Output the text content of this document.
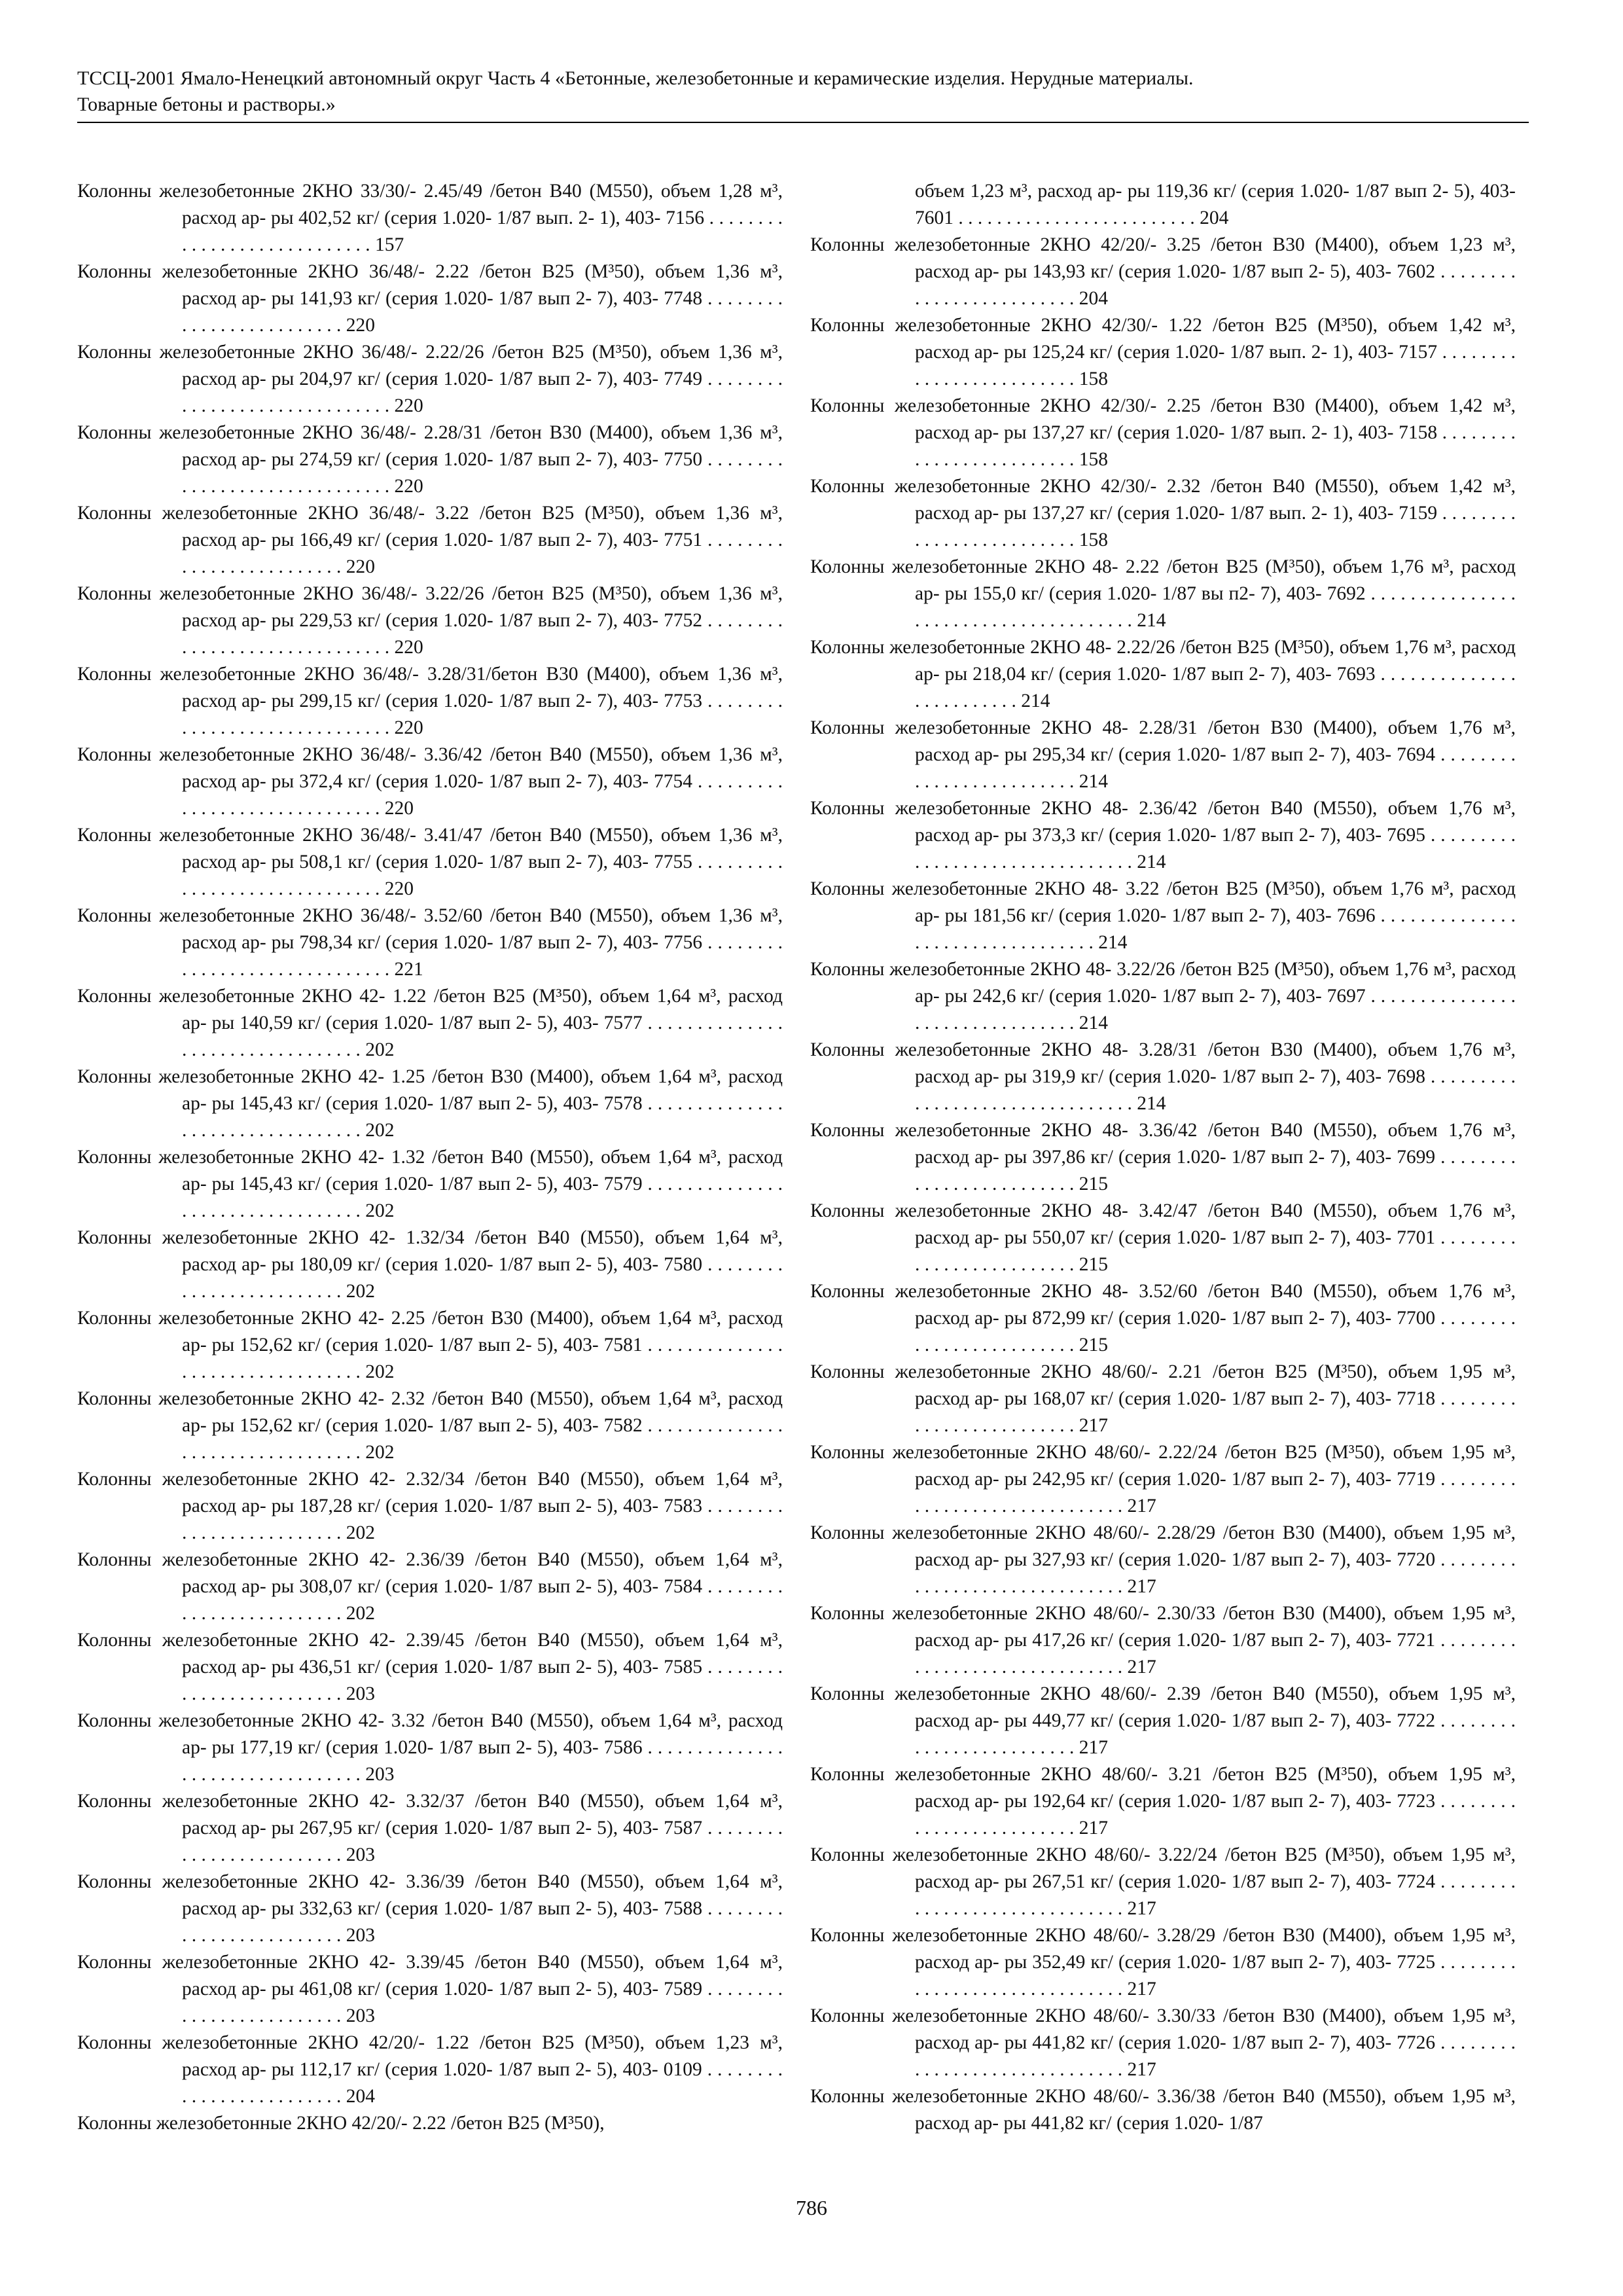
ТССЦ-2001 Ямало-Ненецкий автономный округ Часть 4 «Бетонные, железобетонные и керамические изделия. Нерудные материалы.
Товарные бетоны и растворы.»

Колонны железобетонные 2КНО 33/30/- 2.45/49 /бетон В40 (М550), объем 1,28 м³, расход ар- ры 402,52 кг/ (серия 1.020- 1/87 вып. 2- 1), 403- 7156 . . . . . . . . . . . . . . . . . . . . . . . . . . . . 157

Колонны железобетонные 2КНО 36/48/- 2.22 /бетон В25 (М³50), объем 1,36 м³, расход ар- ры 141,93 кг/ (серия 1.020- 1/87 вып 2- 7), 403- 7748 . . . . . . . . . . . . . . . . . . . . . . . . . 220

Колонны железобетонные 2КНО 36/48/- 2.22/26 /бетон В25 (М³50), объем 1,36 м³, расход ар- ры 204,97 кг/ (серия 1.020- 1/87 вып 2- 7), 403- 7749 . . . . . . . . . . . . . . . . . . . . . . . . . . . . . . 220

Колонны железобетонные 2КНО 36/48/- 2.28/31 /бетон В30 (М400), объем 1,36 м³, расход ар- ры 274,59 кг/ (серия 1.020- 1/87 вып 2- 7), 403- 7750 . . . . . . . . . . . . . . . . . . . . . . . . . . . . . . 220

Колонны железобетонные 2КНО 36/48/- 3.22 /бетон В25 (М³50), объем 1,36 м³, расход ар- ры 166,49 кг/ (серия 1.020- 1/87 вып 2- 7), 403- 7751 . . . . . . . . . . . . . . . . . . . . . . . . . 220

Колонны железобетонные 2КНО 36/48/- 3.22/26 /бетон В25 (М³50), объем 1,36 м³, расход ар- ры 229,53 кг/ (серия 1.020- 1/87 вып 2- 7), 403- 7752 . . . . . . . . . . . . . . . . . . . . . . . . . . . . . . 220

Колонны железобетонные 2КНО 36/48/- 3.28/31/бетон В30 (М400), объем 1,36 м³, расход ар- ры 299,15 кг/ (серия 1.020- 1/87 вып 2- 7), 403- 7753 . . . . . . . . . . . . . . . . . . . . . . . . . . . . . . 220

Колонны железобетонные 2КНО 36/48/- 3.36/42 /бетон В40 (М550), объем 1,36 м³, расход ар- ры 372,4 кг/ (серия 1.020- 1/87 вып 2- 7), 403- 7754 . . . . . . . . . . . . . . . . . . . . . . . . . . . . . . 220

Колонны железобетонные 2КНО 36/48/- 3.41/47 /бетон В40 (М550), объем 1,36 м³, расход ар- ры 508,1 кг/ (серия 1.020- 1/87 вып 2- 7), 403- 7755 . . . . . . . . . . . . . . . . . . . . . . . . . . . . . . 220

Колонны железобетонные 2КНО 36/48/- 3.52/60 /бетон В40 (М550), объем 1,36 м³, расход ар- ры 798,34 кг/ (серия 1.020- 1/87 вып 2- 7), 403- 7756 . . . . . . . . . . . . . . . . . . . . . . . . . . . . . . 221

Колонны железобетонные 2КНО 42- 1.22 /бетон В25 (М³50), объем 1,64 м³, расход ар- ры 140,59 кг/ (серия 1.020- 1/87 вып 2- 5), 403- 7577 . . . . . . . . . . . . . . . . . . . . . . . . . . . . . . . . . 202

Колонны железобетонные 2КНО 42- 1.25 /бетон В30 (М400), объем 1,64 м³, расход ар- ры 145,43 кг/ (серия 1.020- 1/87 вып 2- 5), 403- 7578 . . . . . . . . . . . . . . . . . . . . . . . . . . . . . . . . . 202

Колонны железобетонные 2КНО 42- 1.32 /бетон В40 (М550), объем 1,64 м³, расход ар- ры 145,43 кг/ (серия 1.020- 1/87 вып 2- 5), 403- 7579 . . . . . . . . . . . . . . . . . . . . . . . . . . . . . . . . . 202

Колонны железобетонные 2КНО 42- 1.32/34 /бетон В40 (М550), объем 1,64 м³, расход ар- ры 180,09 кг/ (серия 1.020- 1/87 вып 2- 5), 403- 7580 . . . . . . . . . . . . . . . . . . . . . . . . . 202

Колонны железобетонные 2КНО 42- 2.25 /бетон В30 (М400), объем 1,64 м³, расход ар- ры 152,62 кг/ (серия 1.020- 1/87 вып 2- 5), 403- 7581 . . . . . . . . . . . . . . . . . . . . . . . . . . . . . . . . . 202

Колонны железобетонные 2КНО 42- 2.32 /бетон В40 (М550), объем 1,64 м³, расход ар- ры 152,62 кг/ (серия 1.020- 1/87 вып 2- 5), 403- 7582 . . . . . . . . . . . . . . . . . . . . . . . . . . . . . . . . . 202

Колонны железобетонные 2КНО 42- 2.32/34 /бетон В40 (М550), объем 1,64 м³, расход ар- ры 187,28 кг/ (серия 1.020- 1/87 вып 2- 5), 403- 7583 . . . . . . . . . . . . . . . . . . . . . . . . . 202

Колонны железобетонные 2КНО 42- 2.36/39 /бетон В40 (М550), объем 1,64 м³, расход ар- ры 308,07 кг/ (серия 1.020- 1/87 вып 2- 5), 403- 7584 . . . . . . . . . . . . . . . . . . . . . . . . . 202

Колонны железобетонные 2КНО 42- 2.39/45 /бетон В40 (М550), объем 1,64 м³, расход ар- ры 436,51 кг/ (серия 1.020- 1/87 вып 2- 5), 403- 7585 . . . . . . . . . . . . . . . . . . . . . . . . . 203

Колонны железобетонные 2КНО 42- 3.32 /бетон В40 (М550), объем 1,64 м³, расход ар- ры 177,19 кг/ (серия 1.020- 1/87 вып 2- 5), 403- 7586 . . . . . . . . . . . . . . . . . . . . . . . . . . . . . . . . . 203

Колонны железобетонные 2КНО 42- 3.32/37 /бетон В40 (М550), объем 1,64 м³, расход ар- ры 267,95 кг/ (серия 1.020- 1/87 вып 2- 5), 403- 7587 . . . . . . . . . . . . . . . . . . . . . . . . . 203

Колонны железобетонные 2КНО 42- 3.36/39 /бетон В40 (М550), объем 1,64 м³, расход ар- ры 332,63 кг/ (серия 1.020- 1/87 вып 2- 5), 403- 7588 . . . . . . . . . . . . . . . . . . . . . . . . . 203

Колонны железобетонные 2КНО 42- 3.39/45 /бетон В40 (М550), объем 1,64 м³, расход ар- ры 461,08 кг/ (серия 1.020- 1/87 вып 2- 5), 403- 7589 . . . . . . . . . . . . . . . . . . . . . . . . . 203

Колонны железобетонные 2КНО 42/20/- 1.22 /бетон В25 (М³50), объем 1,23 м³, расход ар- ры 112,17 кг/ (серия 1.020- 1/87 вып 2- 5), 403- 0109 . . . . . . . . . . . . . . . . . . . . . . . . . 204

Колонны железобетонные 2КНО 42/20/- 2.22 /бетон В25 (М³50),

объем 1,23 м³, расход ар- ры 119,36 кг/ (серия 1.020- 1/87 вып 2- 5), 403- 7601 . . . . . . . . . . . . . . . . . . . . . . . . . 204

Колонны железобетонные 2КНО 42/20/- 3.25 /бетон В30 (М400), объем 1,23 м³, расход ар- ры 143,93 кг/ (серия 1.020- 1/87 вып 2- 5), 403- 7602 . . . . . . . . . . . . . . . . . . . . . . . . . 204

Колонны железобетонные 2КНО 42/30/- 1.22 /бетон В25 (М³50), объем 1,42 м³, расход ар- ры 125,24 кг/ (серия 1.020- 1/87 вып. 2- 1), 403- 7157 . . . . . . . . . . . . . . . . . . . . . . . . . 158

Колонны железобетонные 2КНО 42/30/- 2.25 /бетон В30 (М400), объем 1,42 м³, расход ар- ры 137,27 кг/ (серия 1.020- 1/87 вып. 2- 1), 403- 7158 . . . . . . . . . . . . . . . . . . . . . . . . . 158

Колонны железобетонные 2КНО 42/30/- 2.32 /бетон В40 (М550), объем 1,42 м³, расход ар- ры 137,27 кг/ (серия 1.020- 1/87 вып. 2- 1), 403- 7159 . . . . . . . . . . . . . . . . . . . . . . . . . 158

Колонны железобетонные 2КНО 48- 2.22 /бетон В25 (М³50), объем 1,76 м³, расход ар- ры 155,0 кг/ (серия 1.020- 1/87 вы п2- 7), 403- 7692 . . . . . . . . . . . . . . . . . . . . . . . . . . . . . . . . . . . . . . 214

Колонны железобетонные 2КНО 48- 2.22/26 /бетон В25 (М³50), объем 1,76 м³, расход ар- ры 218,04 кг/ (серия 1.020- 1/87 вып 2- 7), 403- 7693 . . . . . . . . . . . . . . . . . . . . . . . . . 214

Колонны железобетонные 2КНО 48- 2.28/31 /бетон В30 (М400), объем 1,76 м³, расход ар- ры 295,34 кг/ (серия 1.020- 1/87 вып 2- 7), 403- 7694 . . . . . . . . . . . . . . . . . . . . . . . . . 214

Колонны железобетонные 2КНО 48- 2.36/42 /бетон В40 (М550), объем 1,76 м³, расход ар- ры 373,3 кг/ (серия 1.020- 1/87 вып 2- 7), 403- 7695 . . . . . . . . . . . . . . . . . . . . . . . . . . . . . . . . 214

Колонны железобетонные 2КНО 48- 3.22 /бетон В25 (М³50), объем 1,76 м³, расход ар- ры 181,56 кг/ (серия 1.020- 1/87 вып 2- 7), 403- 7696 . . . . . . . . . . . . . . . . . . . . . . . . . . . . . . . . . 214

Колонны железобетонные 2КНО 48- 3.22/26 /бетон В25 (М³50), объем 1,76 м³, расход ар- ры 242,6 кг/ (серия 1.020- 1/87 вып 2- 7), 403- 7697 . . . . . . . . . . . . . . . . . . . . . . . . . . . . . . . . 214

Колонны железобетонные 2КНО 48- 3.28/31 /бетон В30 (М400), объем 1,76 м³, расход ар- ры 319,9 кг/ (серия 1.020- 1/87 вып 2- 7), 403- 7698 . . . . . . . . . . . . . . . . . . . . . . . . . . . . . . . . 214

Колонны железобетонные 2КНО 48- 3.36/42 /бетон В40 (М550), объем 1,76 м³, расход ар- ры 397,86 кг/ (серия 1.020- 1/87 вып 2- 7), 403- 7699 . . . . . . . . . . . . . . . . . . . . . . . . . 215

Колонны железобетонные 2КНО 48- 3.42/47 /бетон В40 (М550), объем 1,76 м³, расход ар- ры 550,07 кг/ (серия 1.020- 1/87 вып 2- 7), 403- 7701 . . . . . . . . . . . . . . . . . . . . . . . . . 215

Колонны железобетонные 2КНО 48- 3.52/60 /бетон В40 (М550), объем 1,76 м³, расход ар- ры 872,99 кг/ (серия 1.020- 1/87 вып 2- 7), 403- 7700 . . . . . . . . . . . . . . . . . . . . . . . . . 215

Колонны железобетонные 2КНО 48/60/- 2.21 /бетон В25 (М³50), объем 1,95 м³, расход ар- ры 168,07 кг/ (серия 1.020- 1/87 вып 2- 7), 403- 7718 . . . . . . . . . . . . . . . . . . . . . . . . . 217

Колонны железобетонные 2КНО 48/60/- 2.22/24 /бетон В25 (М³50), объем 1,95 м³, расход ар- ры 242,95 кг/ (серия 1.020- 1/87 вып 2- 7), 403- 7719 . . . . . . . . . . . . . . . . . . . . . . . . . . . . . . 217

Колонны железобетонные 2КНО 48/60/- 2.28/29 /бетон В30 (М400), объем 1,95 м³, расход ар- ры 327,93 кг/ (серия 1.020- 1/87 вып 2- 7), 403- 7720 . . . . . . . . . . . . . . . . . . . . . . . . . . . . . . 217

Колонны железобетонные 2КНО 48/60/- 2.30/33 /бетон В30 (М400), объем 1,95 м³, расход ар- ры 417,26 кг/ (серия 1.020- 1/87 вып 2- 7), 403- 7721 . . . . . . . . . . . . . . . . . . . . . . . . . . . . . . 217

Колонны железобетонные 2КНО 48/60/- 2.39 /бетон В40 (М550), объем 1,95 м³, расход ар- ры 449,77 кг/ (серия 1.020- 1/87 вып 2- 7), 403- 7722 . . . . . . . . . . . . . . . . . . . . . . . . . 217

Колонны железобетонные 2КНО 48/60/- 3.21 /бетон В25 (М³50), объем 1,95 м³, расход ар- ры 192,64 кг/ (серия 1.020- 1/87 вып 2- 7), 403- 7723 . . . . . . . . . . . . . . . . . . . . . . . . . 217

Колонны железобетонные 2КНО 48/60/- 3.22/24 /бетон В25 (М³50), объем 1,95 м³, расход ар- ры 267,51 кг/ (серия 1.020- 1/87 вып 2- 7), 403- 7724 . . . . . . . . . . . . . . . . . . . . . . . . . . . . . . 217

Колонны железобетонные 2КНО 48/60/- 3.28/29 /бетон В30 (М400), объем 1,95 м³, расход ар- ры 352,49 кг/ (серия 1.020- 1/87 вып 2- 7), 403- 7725 . . . . . . . . . . . . . . . . . . . . . . . . . . . . . . 217

Колонны железобетонные 2КНО 48/60/- 3.30/33 /бетон В30 (М400), объем 1,95 м³, расход ар- ры 441,82 кг/ (серия 1.020- 1/87 вып 2- 7), 403- 7726 . . . . . . . . . . . . . . . . . . . . . . . . . . . . . . 217

Колонны железобетонные 2КНО 48/60/- 3.36/38 /бетон В40 (М550), объем 1,95 м³, расход ар- ры 441,82 кг/ (серия 1.020- 1/87

786
